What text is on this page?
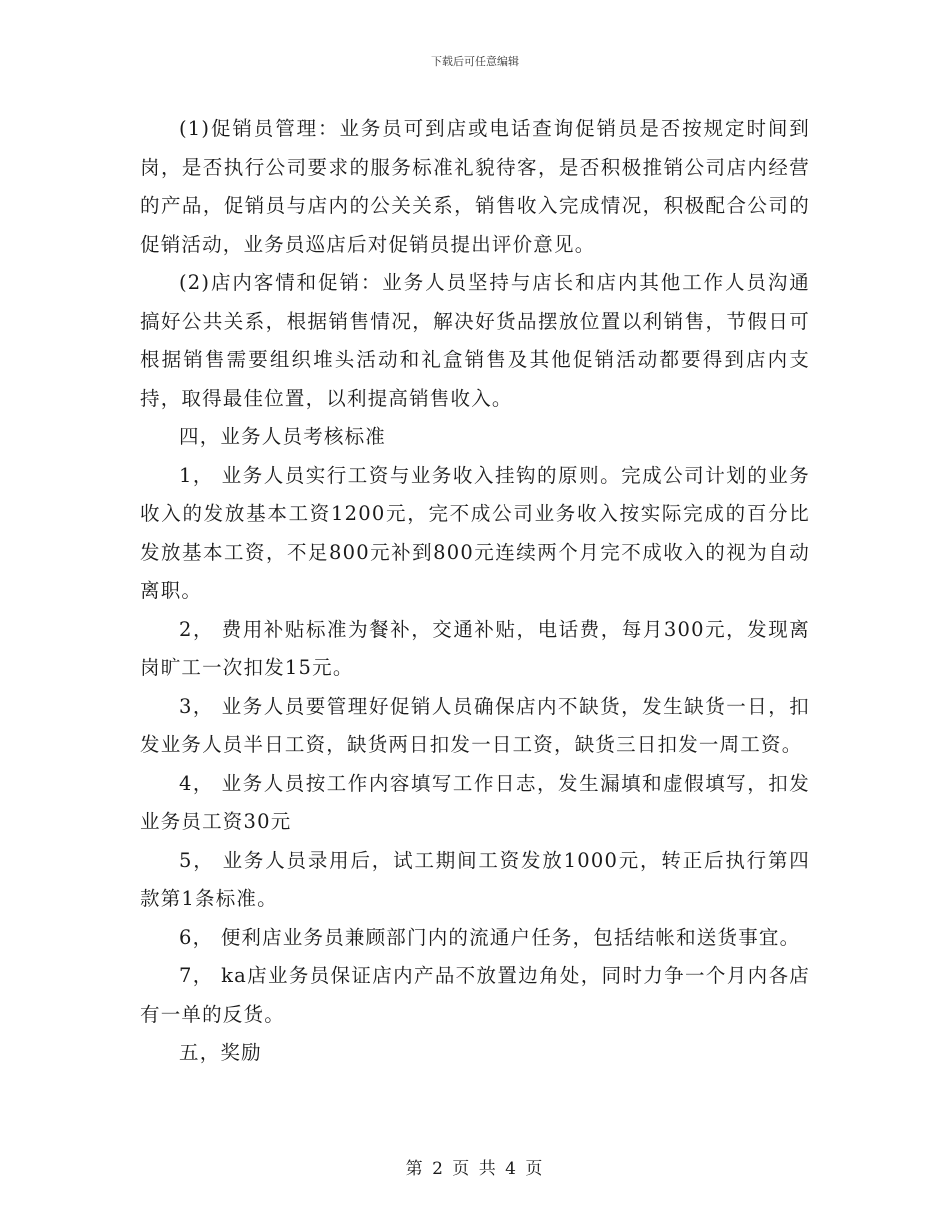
下载后可任意编辑

(1)促销员管理：业务员可到店或电话查询促销员是否按规定时间到岗，是否执行公司要求的服务标准礼貌待客，是否积极推销公司店内经营的产品，促销员与店内的公关关系，销售收入完成情况，积极配合公司的促销活动，业务员巡店后对促销员提出评价意见。

(2)店内客情和促销：业务人员坚持与店长和店内其他工作人员沟通搞好公共关系，根据销售情况，解决好货品摆放位置以利销售，节假日可根据销售需要组织堆头活动和礼盒销售及其他促销活动都要得到店内支持，取得最佳位置，以利提高销售收入。

四，业务人员考核标准

1， 业务人员实行工资与业务收入挂钩的原则。完成公司计划的业务收入的发放基本工资1200元，完不成公司业务收入按实际完成的百分比发放基本工资，不足800元补到800元连续两个月完不成收入的视为自动离职。

2， 费用补贴标准为餐补，交通补贴，电话费，每月300元，发现离岗旷工一次扣发15元。

3， 业务人员要管理好促销人员确保店内不缺货，发生缺货一日，扣发业务人员半日工资，缺货两日扣发一日工资，缺货三日扣发一周工资。

4， 业务人员按工作内容填写工作日志，发生漏填和虚假填写，扣发业务员工资30元

5， 业务人员录用后，试工期间工资发放1000元，转正后执行第四款第1条标准。

6， 便利店业务员兼顾部门内的流通户任务，包括结帐和送货事宜。

7， ka店业务员保证店内产品不放置边角处，同时力争一个月内各店有一单的反货。

五，奖励

第 2 页 共 4 页
